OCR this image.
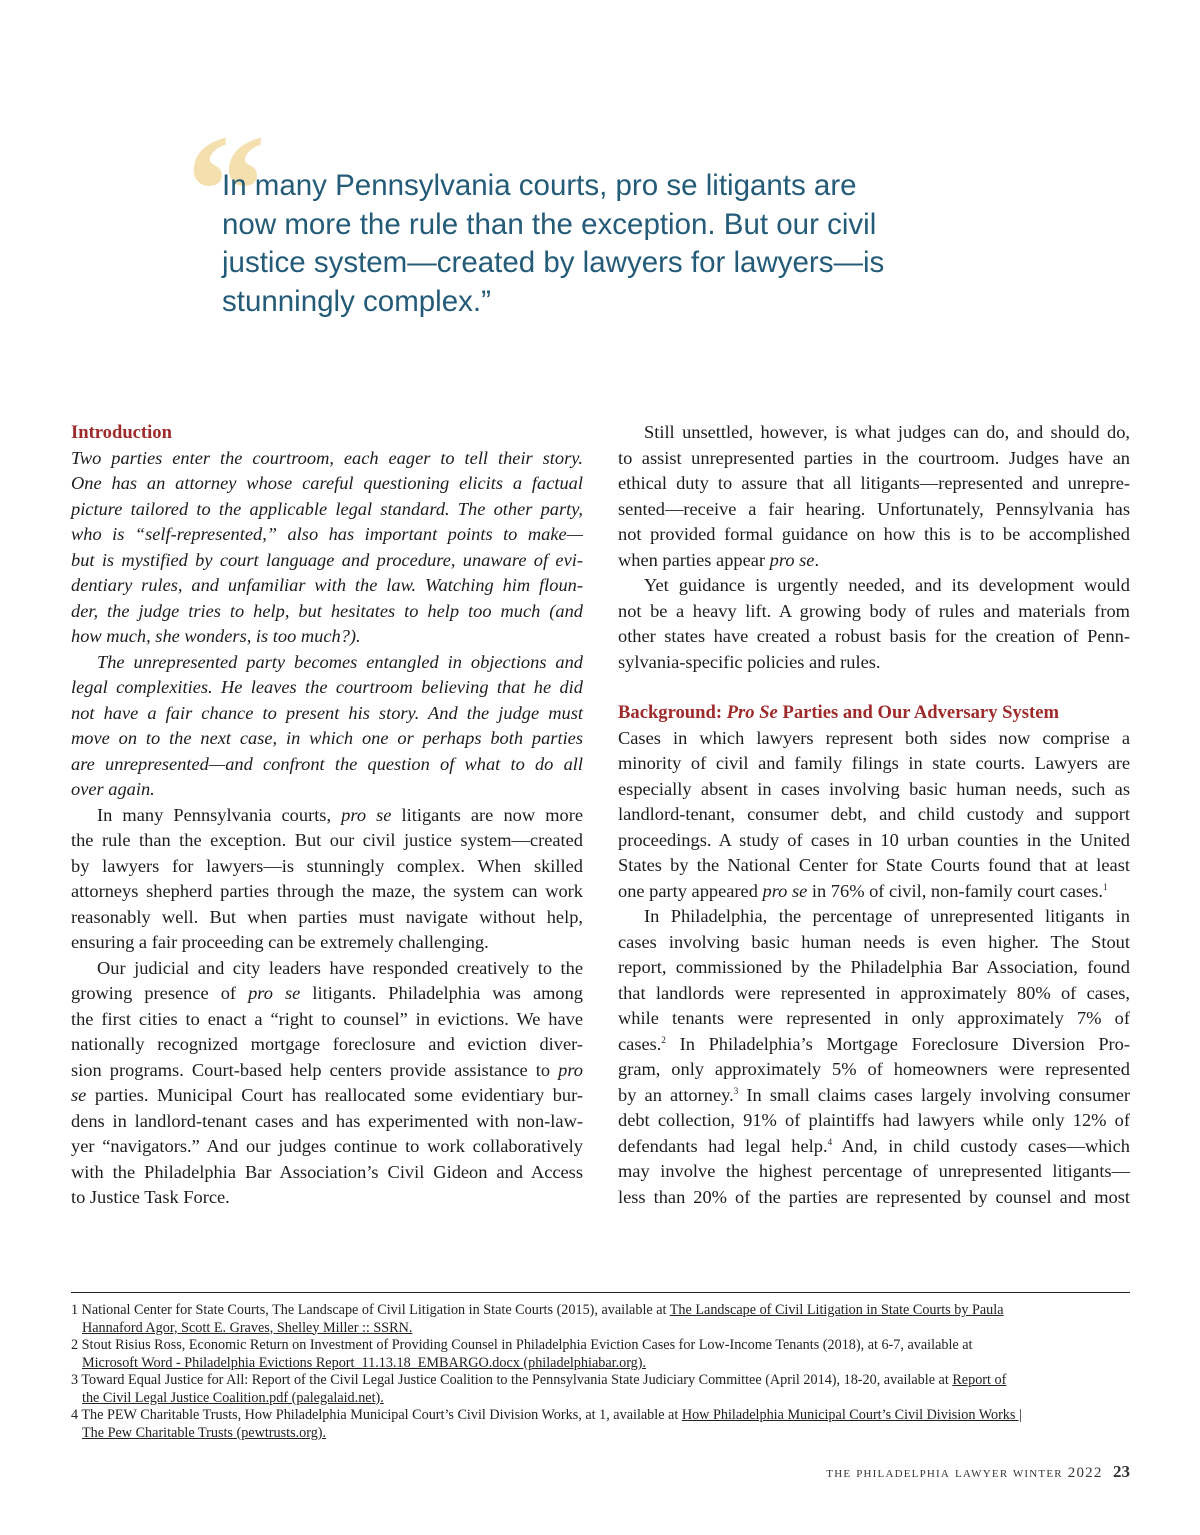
“
In many Pennsylvania courts, pro se litigants are
now more the rule than the exception. But our civil
justice system—created by lawyers for lawyers—is
stunningly complex.”
Introduction
Two parties enter the courtroom, each eager to tell their story.
One has an attorney whose careful questioning elicits a factual
picture tailored to the applicable legal standard. The other party,
who is “self-represented,” also has important points to make—
but is mystified by court language and procedure, unaware of evi-
dentiary rules, and unfamiliar with the law. Watching him floun-
der, the judge tries to help, but hesitates to help too much (and
how much, she wonders, is too much?).
The unrepresented party becomes entangled in objections and
legal complexities. He leaves the courtroom believing that he did
not have a fair chance to present his story. And the judge must
move on to the next case, in which one or perhaps both parties
are unrepresented—and confront the question of what to do all
over again.
In many Pennsylvania courts, pro se litigants are now more
the rule than the exception. But our civil justice system—created
by lawyers for lawyers—is stunningly complex. When skilled
attorneys shepherd parties through the maze, the system can work
reasonably well. But when parties must navigate without help,
ensuring a fair proceeding can be extremely challenging.
Our judicial and city leaders have responded creatively to the
growing presence of pro se litigants. Philadelphia was among
the first cities to enact a “right to counsel” in evictions. We have
nationally recognized mortgage foreclosure and eviction diver-
sion programs. Court-based help centers provide assistance to pro
se parties. Municipal Court has reallocated some evidentiary bur-
dens in landlord-tenant cases and has experimented with non-law-
yer “navigators.” And our judges continue to work collaboratively
with the Philadelphia Bar Association’s Civil Gideon and Access
to Justice Task Force.
Still unsettled, however, is what judges can do, and should do,
to assist unrepresented parties in the courtroom. Judges have an
ethical duty to assure that all litigants—represented and unrepre-
sented—receive a fair hearing. Unfortunately, Pennsylvania has
not provided formal guidance on how this is to be accomplished
when parties appear pro se.
Yet guidance is urgently needed, and its development would
not be a heavy lift. A growing body of rules and materials from
other states have created a robust basis for the creation of Penn-
sylvania-specific policies and rules.
Background: Pro Se Parties and Our Adversary System
Cases in which lawyers represent both sides now comprise a
minority of civil and family filings in state courts. Lawyers are
especially absent in cases involving basic human needs, such as
landlord-tenant, consumer debt, and child custody and support
proceedings. A study of cases in 10 urban counties in the United
States by the National Center for State Courts found that at least
one party appeared pro se in 76% of civil, non-family court cases.$^1$
In Philadelphia, the percentage of unrepresented litigants in
cases involving basic human needs is even higher. The Stout
report, commissioned by the Philadelphia Bar Association, found
that landlords were represented in approximately 80% of cases,
while tenants were represented in only approximately 7% of
cases.$^2$ In Philadelphia’s Mortgage Foreclosure Diversion Pro-
gram, only approximately 5% of homeowners were represented
by an attorney.$^3$ In small claims cases largely involving consumer
debt collection, 91% of plaintiffs had lawyers while only 12% of
defendants had legal help.$^4$ And, in child custody cases—which
may involve the highest percentage of unrepresented litigants—
less than 20% of the parties are represented by counsel and most
1 National Center for State Courts, The Landscape of Civil Litigation in State Courts (2015), available at The Landscape of Civil Litigation in State Courts by Paula
Hannaford Agor, Scott E. Graves, Shelley Miller :: SSRN.
2 Stout Risius Ross, Economic Return on Investment of Providing Counsel in Philadelphia Eviction Cases for Low-Income Tenants (2018), at 6-7, available at
Microsoft Word - Philadelphia Evictions Report_11.13.18_EMBARGO.docx (philadelphiabar.org).
3 Toward Equal Justice for All: Report of the Civil Legal Justice Coalition to the Pennsylvania State Judiciary Committee (April 2014), 18-20, available at Report of
the Civil Legal Justice Coalition.pdf (palegalaid.net).
4 The PEW Charitable Trusts, How Philadelphia Municipal Court’s Civil Division Works, at 1, available at How Philadelphia Municipal Court’s Civil Division Works |
The Pew Charitable Trusts (pewtrusts.org).
the philadelphia lawyer winter 2022 23
